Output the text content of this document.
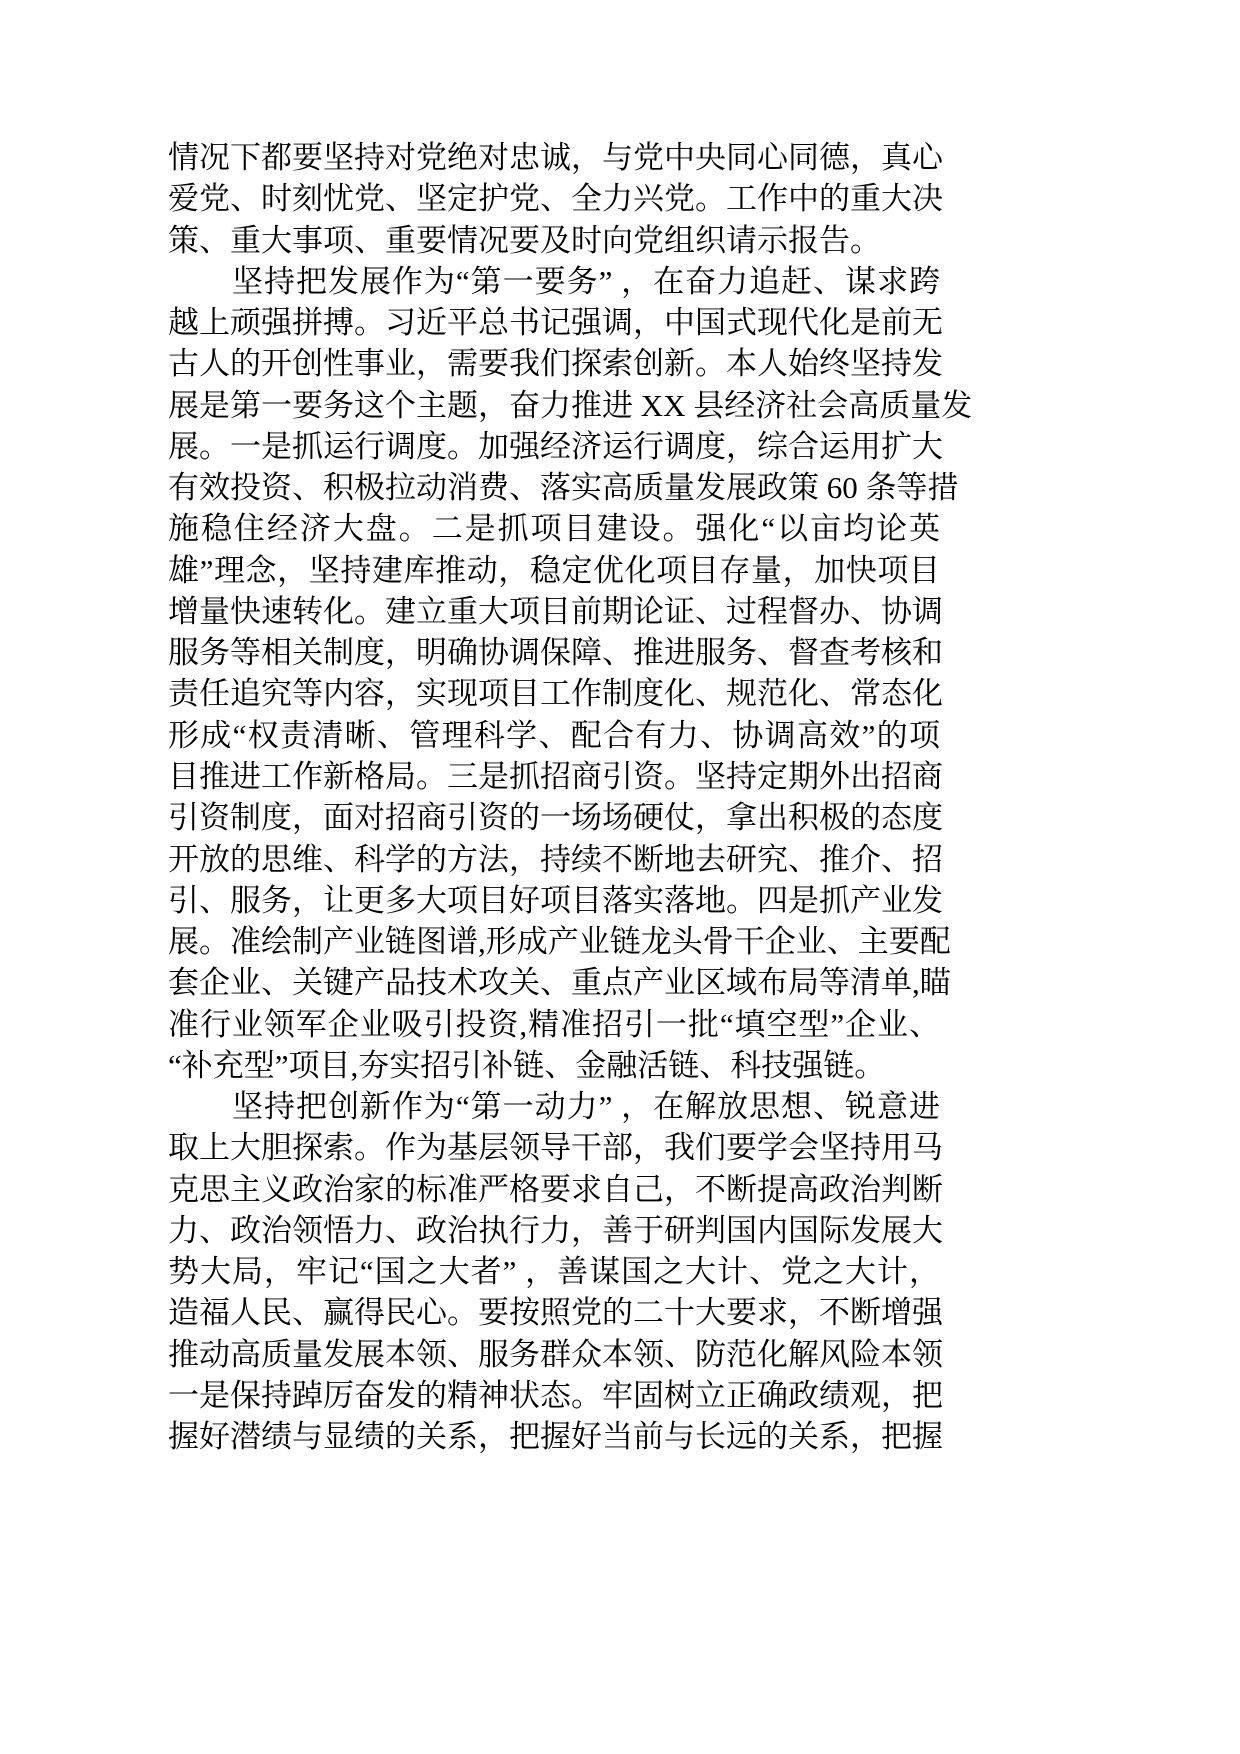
情况下都要坚持对党绝对忠诚，与党中央同心同德，真心
爱党、时刻忧党、坚定护党、全力兴党。工作中的重大决
策、重大事项、重要情况要及时向党组织请示报告。
坚持把发展作为“第一要务” ，在奋力追赶、谋求跨
越上顽强拼搏。习近平总书记强调，中国式现代化是前无
古人的开创性事业，需要我们探索创新。本人始终坚持发
展是第一要务这个主题，奋力推进 XX 县经济社会高质量发
展。一是抓运行调度。加强经济运行调度，综合运用扩大
有效投资、积极拉动消费、落实高质量发展政策 60 条等措
施稳住经济大盘。二是抓项目建设。强化“以亩均论英
雄”理念，坚持建库推动，稳定优化项目存量，加快项目
增量快速转化。建立重大项目前期论证、过程督办、协调
服务等相关制度，明确协调保障、推进服务、督查考核和
责任追究等内容，实现项目工作制度化、规范化、常态化
形成“权责清晰、管理科学、配合有力、协调高效”的项
目推进工作新格局。三是抓招商引资。坚持定期外出招商
引资制度，面对招商引资的一场场硬仗，拿出积极的态度
开放的思维、科学的方法，持续不断地去研究、推介、招
引、服务，让更多大项目好项目落实落地。四是抓产业发
展。准绘制产业链图谱,形成产业链龙头骨干企业、主要配
套企业、关键产品技术攻关、重点产业区域布局等清单,瞄
准行业领军企业吸引投资,精准招引一批“填空型”企业、
“补充型”项目,夯实招引补链、金融活链、科技强链。
坚持把创新作为“第一动力” ，在解放思想、锐意进
取上大胆探索。作为基层领导干部，我们要学会坚持用马
克思主义政治家的标准严格要求自己，不断提高政治判断
力、政治领悟力、政治执行力，善于研判国内国际发展大
势大局，牢记“国之大者” ，善谋国之大计、党之大计，
造福人民、赢得民心。要按照党的二十大要求，不断增强
推动高质量发展本领、服务群众本领、防范化解风险本领
一是保持踔厉奋发的精神状态。牢固树立正确政绩观，把
握好潜绩与显绩的关系，把握好当前与长远的关系，把握
